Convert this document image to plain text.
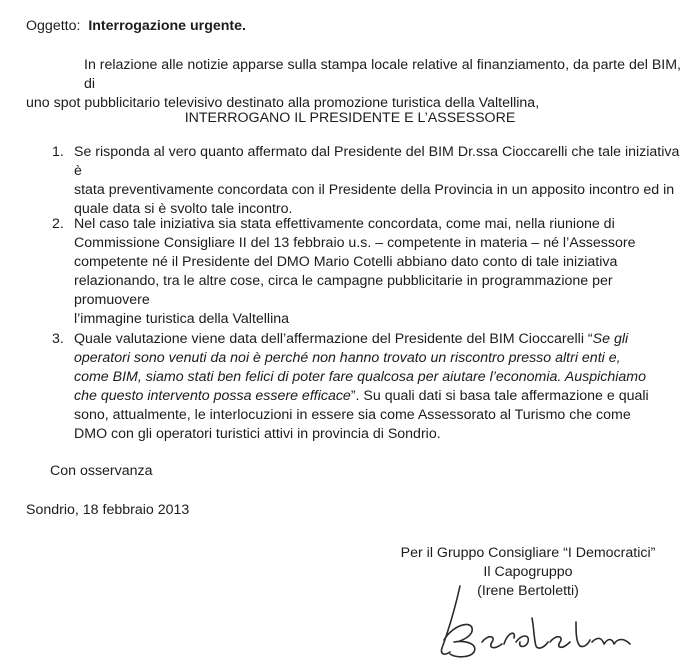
Oggetto: Interrogazione urgente.
In relazione alle notizie apparse sulla stampa locale relative al finanziamento, da parte del BIM, di
uno spot pubblicitario televisivo destinato alla promozione turistica della Valtellina,
INTERROGANO IL PRESIDENTE E L’ASSESSORE
1. Se risponda al vero quanto affermato dal Presidente del BIM Dr.ssa Cioccarelli che tale iniziativa è
stata preventivamente concordata con il Presidente della Provincia in un apposito incontro ed in
quale data si è svolto tale incontro.
2. Nel caso tale iniziativa sia stata effettivamente concordata, come mai, nella riunione di
Commissione Consigliare II del 13 febbraio u.s. – competente in materia – né l’Assessore
competente né il Presidente del DMO Mario Cotelli abbiano dato conto di tale iniziativa
relazionando, tra le altre cose, circa le campagne pubblicitarie in programmazione per promuovere
l’immagine turistica della Valtellina
3. Quale valutazione viene data dell’affermazione del Presidente del BIM Cioccarelli “Se gli
operatori sono venuti da noi è perché non hanno trovato un riscontro presso altri enti e,
come BIM, siamo stati ben felici di poter fare qualcosa per aiutare l’economia. Auspichiamo
che questo intervento possa essere efficace”. Su quali dati si basa tale affermazione e quali
sono, attualmente, le interlocuzioni in essere sia come Assessorato al Turismo che come
DMO con gli operatori turistici attivi in provincia di Sondrio.
Con osservanza
Sondrio, 18 febbraio 2013
Per il Gruppo Consigliare “I Democratici”
Il Capogruppo
(Irene Bertoletti)
